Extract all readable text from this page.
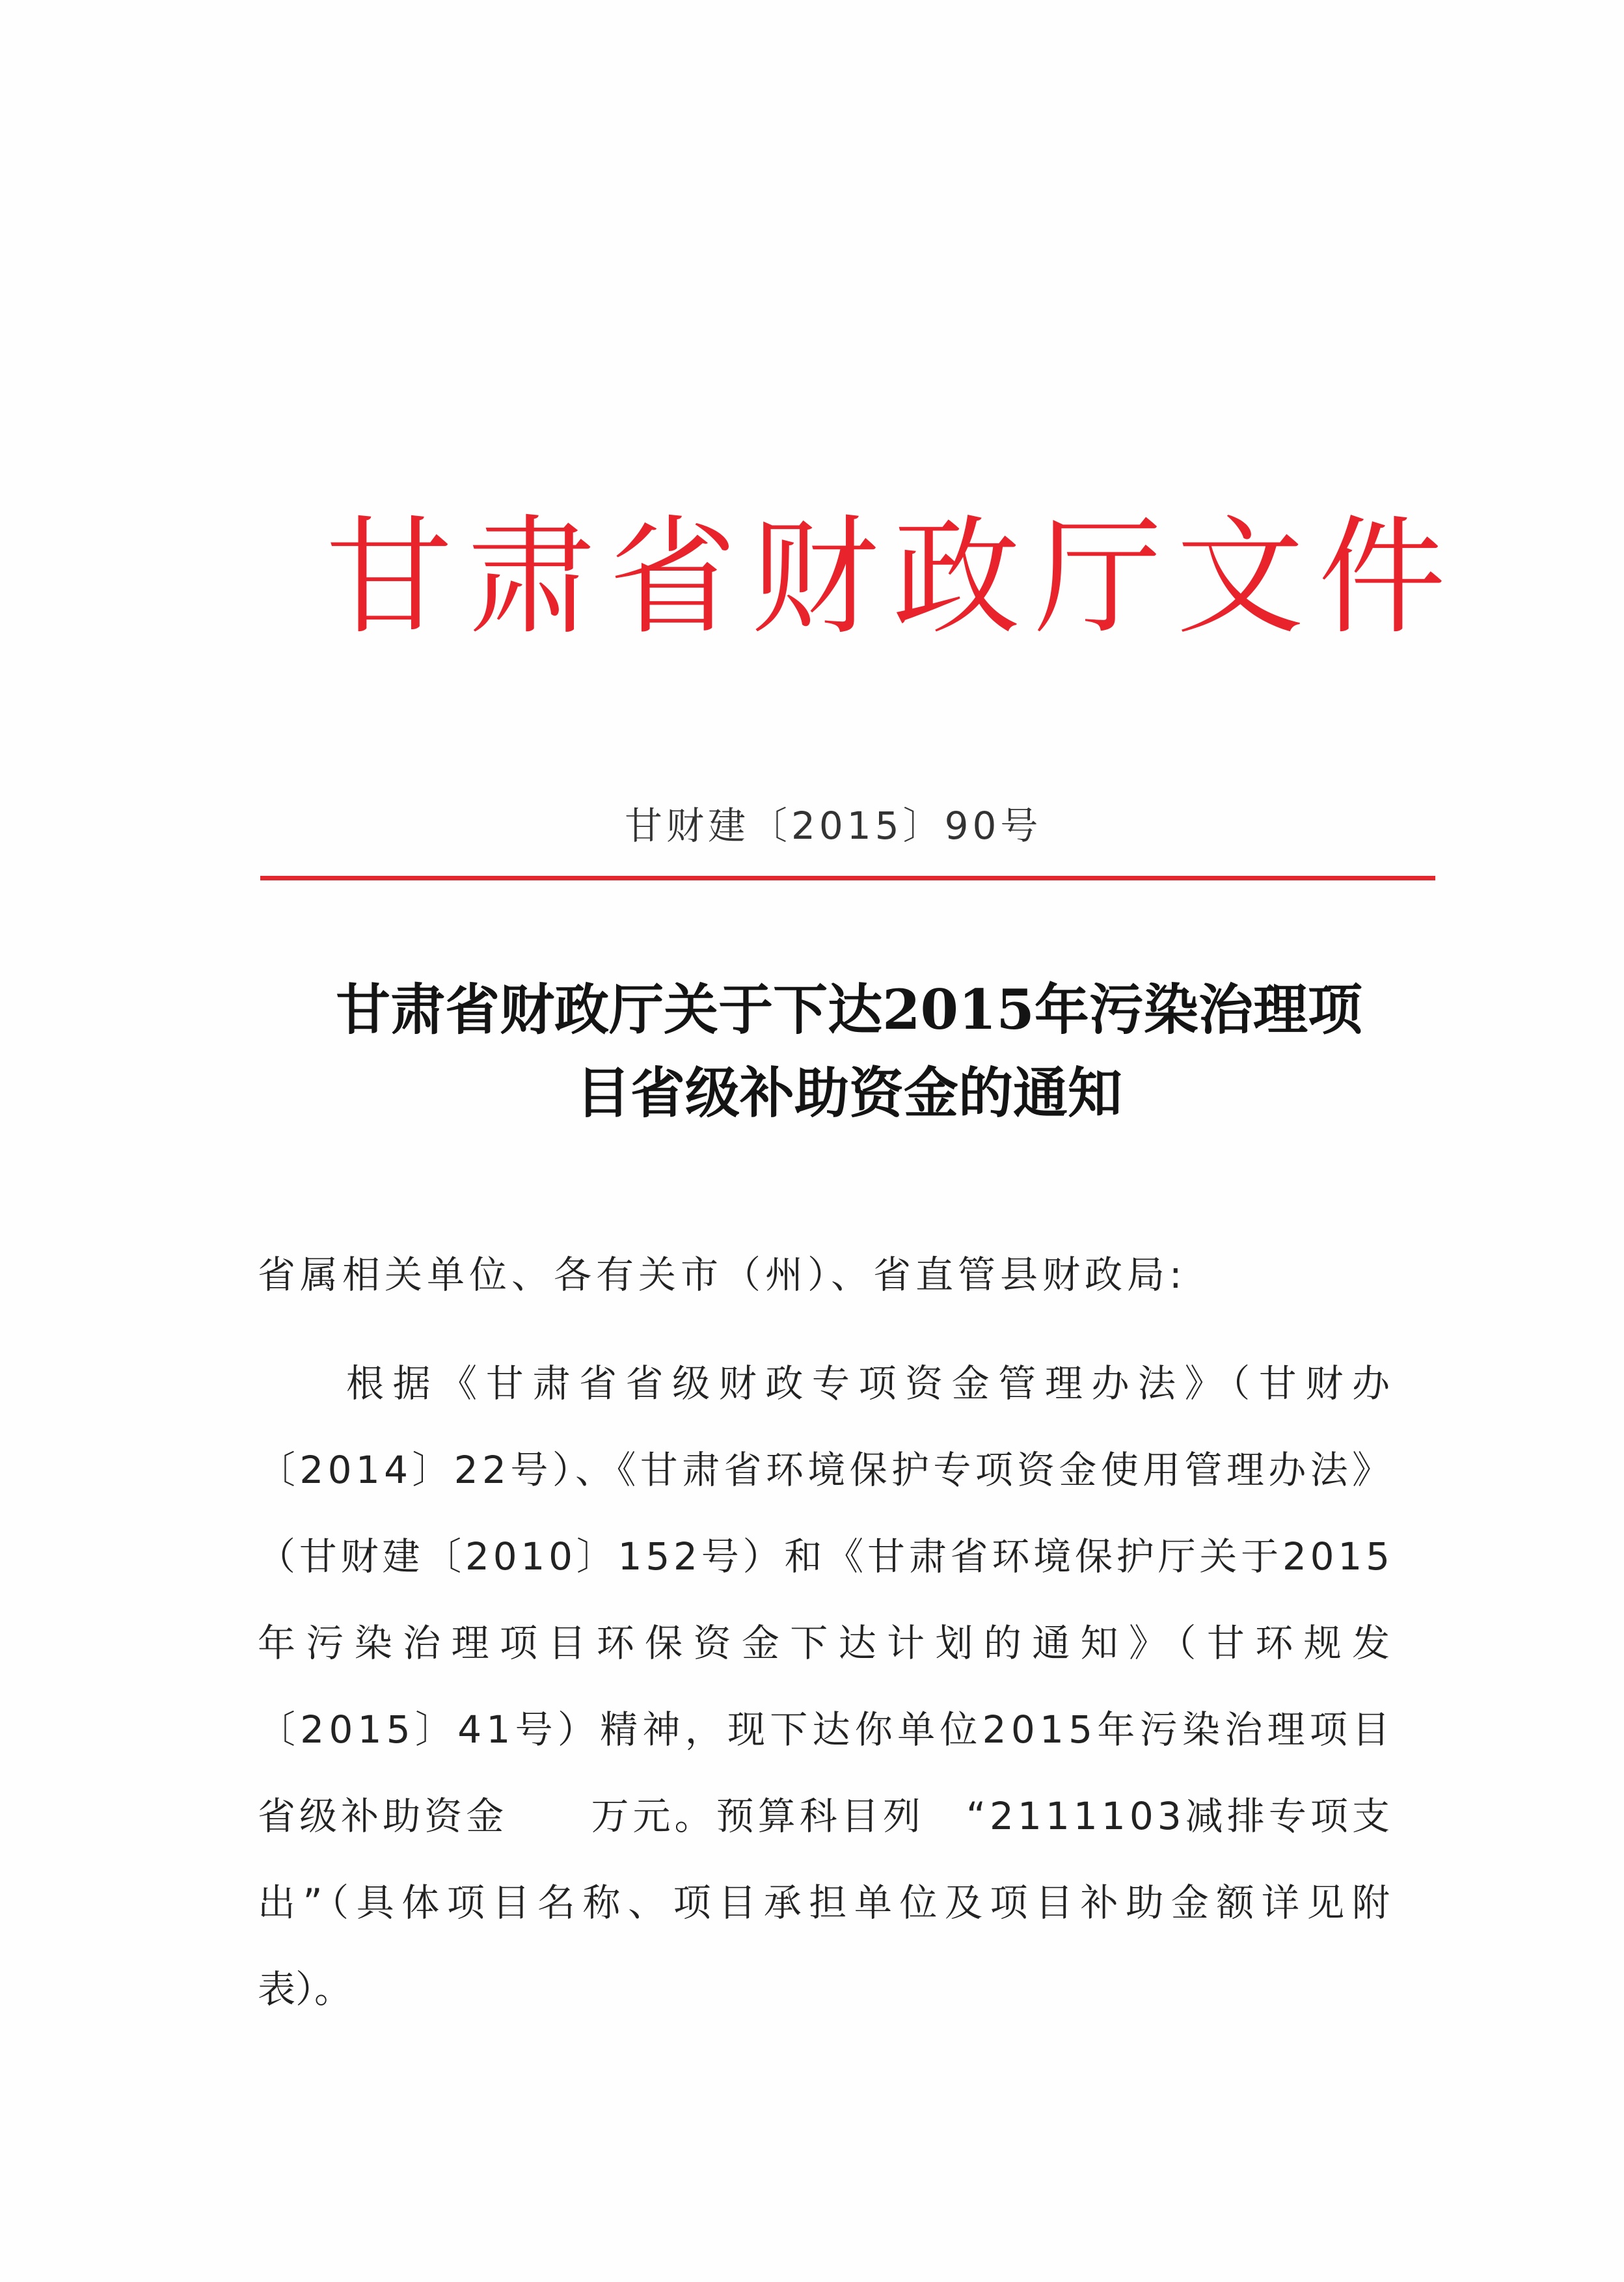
甘肃省财政厅文件
甘财建〔2015〕90号
甘肃省财政厅关于下达2015年污染治理项
目省级补助资金的通知
省属相关单位、各有关市（州）、省直管县财政局:
根据《甘肃省省级财政专项资金管理办法》（甘财办
〔2014〕22号）、《甘肃省环境保护专项资金使用管理办法》
（甘财建〔2010〕152号）和《甘肃省环境保护厅关于2015
年污染治理项目环保资金下达计划的通知》（甘环规发
〔2015〕41号）精神，现下达你单位2015年污染治理项目
省级补助资金　　万元。预算科目列　“2111103减排专项支
出”（具体项目名称、项目承担单位及项目补助金额详见附
表）。
